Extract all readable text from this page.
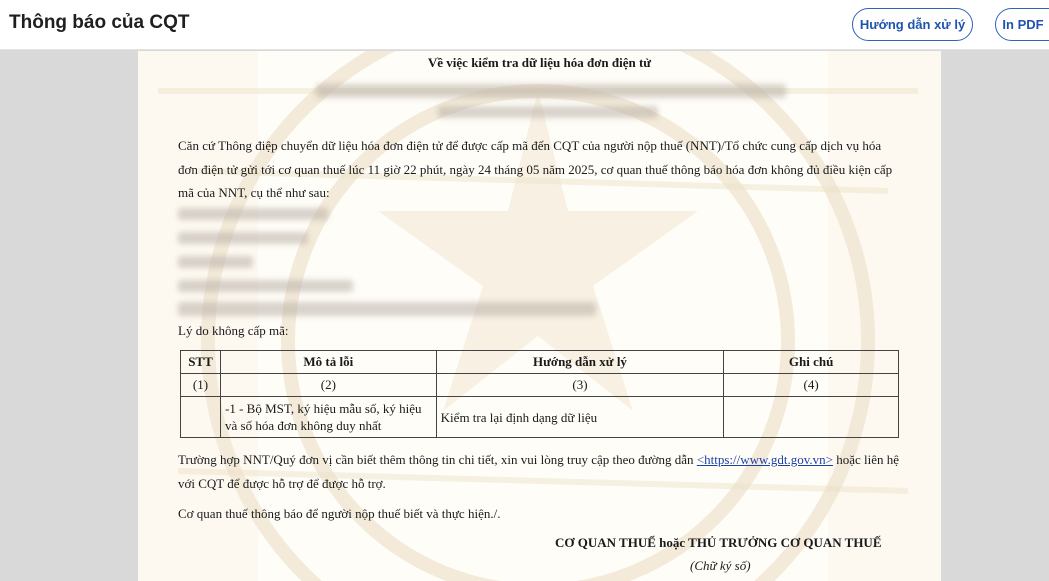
Thông báo của CQT	Hướng dẫn xử lý	In PDF
Về việc kiểm tra dữ liệu hóa đơn điện tử
Căn cứ Thông điệp chuyển dữ liệu hóa đơn điện tử để được cấp mã đến CQT của người nộp thuế (NNT)/Tổ chức cung cấp dịch vụ hóa đơn điện tử gửi tới cơ quan thuế lúc 11 giờ 22 phút, ngày 24 tháng 05 năm 2025, cơ quan thuế thông báo hóa đơn không đủ điều kiện cấp mã của NNT, cụ thể như sau:
Lý do không cấp mã:
STT	Mô tả lỗi	Hướng dẫn xử lý	Ghi chú
(1)	(2)	(3)	(4)
	-1 - Bộ MST, ký hiệu mẫu số, ký hiệu và số hóa đơn không duy nhất	Kiểm tra lại định dạng dữ liệu	
Trường hợp NNT/Quý đơn vị cần biết thêm thông tin chi tiết, xin vui lòng truy cập theo đường dẫn <https://www.gdt.gov.vn> hoặc liên hệ với CQT để được hỗ trợ để được hỗ trợ.
Cơ quan thuế thông báo để người nộp thuế biết và thực hiện./.
CƠ QUAN THUẾ hoặc THỦ TRƯỞNG CƠ QUAN THUẾ
(Chữ ký số)
